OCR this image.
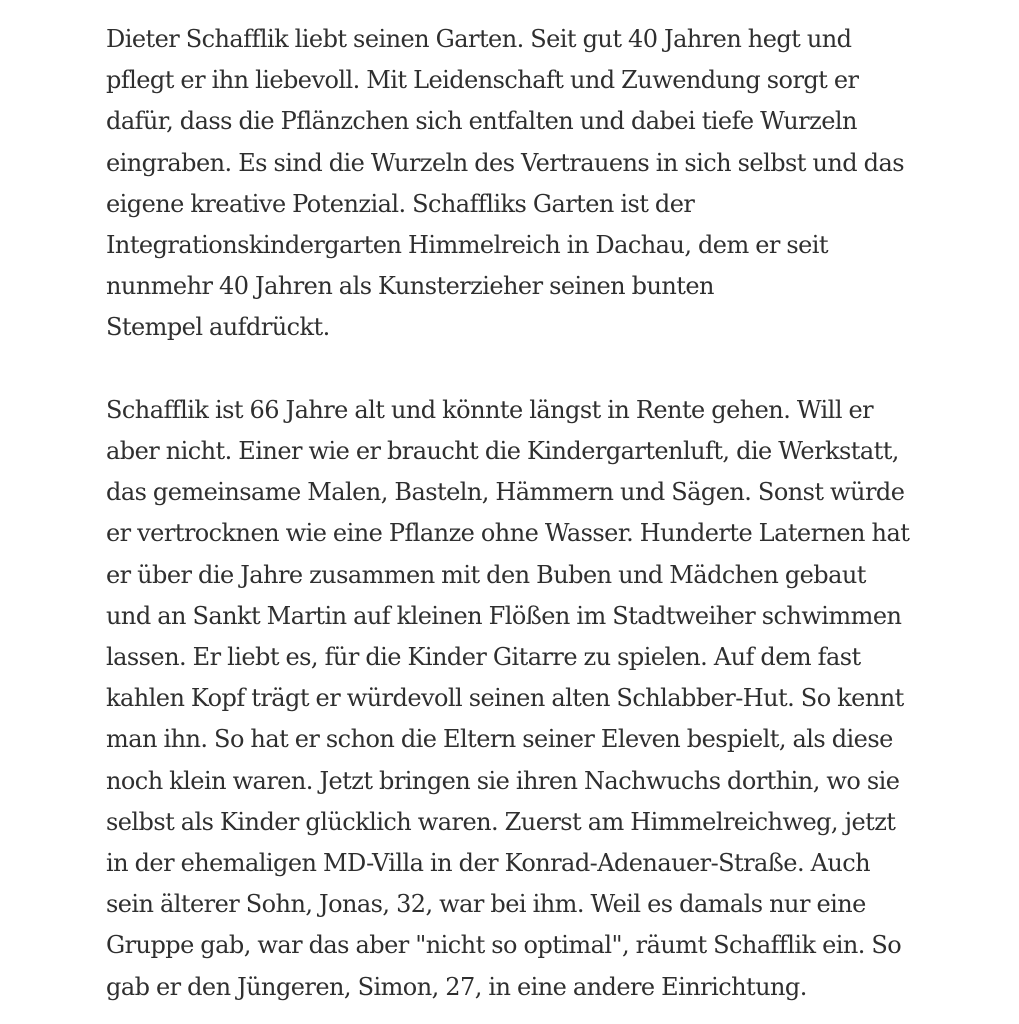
Dieter Schafflik liebt seinen Garten. Seit gut 40 Jahren hegt und
pflegt er ihn liebevoll. Mit Leidenschaft und Zuwendung sorgt er
dafür, dass die Pflänzchen sich entfalten und dabei tiefe Wurzeln
eingraben. Es sind die Wurzeln des Vertrauens in sich selbst und das
eigene kreative Potenzial. Schaffliks Garten ist der
Integrationskindergarten Himmelreich in Dachau, dem er seit
nunmehr 40 Jahren als Kunsterzieher seinen bunten
Stempel aufdrückt.

Schafflik ist 66 Jahre alt und könnte längst in Rente gehen. Will er
aber nicht. Einer wie er braucht die Kindergartenluft, die Werkstatt,
das gemeinsame Malen, Basteln, Hämmern und Sägen. Sonst würde
er vertrocknen wie eine Pflanze ohne Wasser. Hunderte Laternen hat
er über die Jahre zusammen mit den Buben und Mädchen gebaut
und an Sankt Martin auf kleinen Flößen im Stadtweiher schwimmen
lassen. Er liebt es, für die Kinder Gitarre zu spielen. Auf dem fast
kahlen Kopf trägt er würdevoll seinen alten Schlabber-Hut. So kennt
man ihn. So hat er schon die Eltern seiner Eleven bespielt, als diese
noch klein waren. Jetzt bringen sie ihren Nachwuchs dorthin, wo sie
selbst als Kinder glücklich waren. Zuerst am Himmelreichweg, jetzt
in der ehemaligen MD-Villa in der Konrad-Adenauer-Straße. Auch
sein älterer Sohn, Jonas, 32, war bei ihm. Weil es damals nur eine
Gruppe gab, war das aber "nicht so optimal", räumt Schafflik ein. So
gab er den Jüngeren, Simon, 27, in eine andere Einrichtung.
